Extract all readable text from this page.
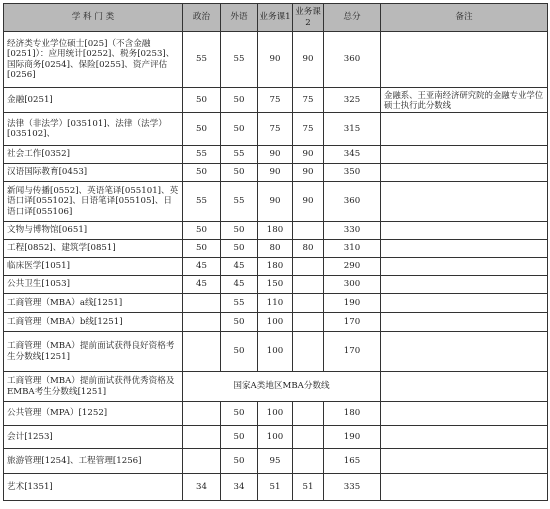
学 科 门 类	政治	外语	业务课1	业务课2	总分	备注
经济类专业学位硕士[025]（不含金融[0251]）：应用统计[0252]、税务[0253]、国际商务[0254]、保险[0255]、资产评估[0256]	55	55	90	90	360	
金融[0251]	50	50	75	75	325	金融系、王亚南经济研究院的金融专业学位硕士执行此分数线
法律（非法学）[035101]、法律（法学）[035102]、	50	50	75	75	315	
社会工作[0352]	55	55	90	90	345	
汉语国际教育[0453]	50	50	90	90	350	
新闻与传播[0552]、英语笔译[055101]、英语口译[055102]、日语笔译[055105]、日语口译[055106]	55	55	90	90	360	
文物与博物馆[0651]	50	50	180		330	
工程[0852]、建筑学[0851]	50	50	80	80	310	
临床医学[1051]	45	45	180		290	
公共卫生[1053]	45	45	150		300	
工商管理（MBA）a线[1251]		55	110		190	
工商管理（MBA）b线[1251]		50	100		170	
工商管理（MBA）提前面试获得良好资格考生分数线[1251]		50	100		170	
工商管理（MBA）提前面试获得优秀资格及EMBA考生分数线[1251]	国家A类地区MBA分数线					
公共管理（MPA）[1252]		50	100		180	
会计[1253]		50	100		190	
旅游管理[1254]、工程管理[1256]		50	95		165	
艺术[1351]	34	34	51	51	335	
